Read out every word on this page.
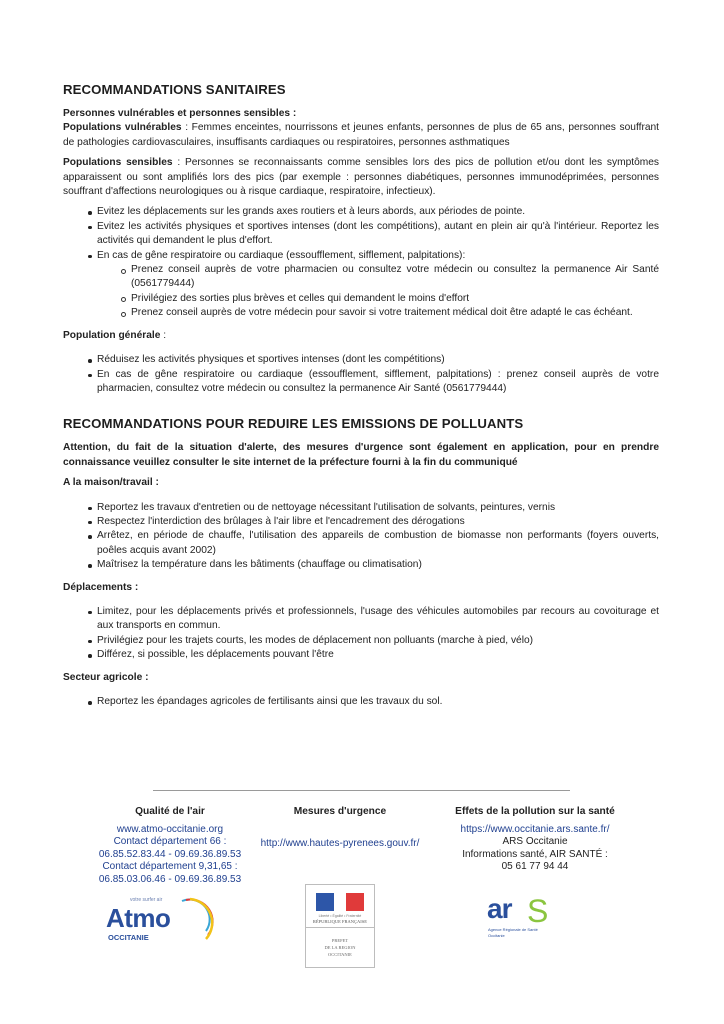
RECOMMANDATIONS SANITAIRES
Personnes vulnérables et personnes sensibles :
Populations vulnérables : Femmes enceintes, nourrissons et jeunes enfants, personnes de plus de 65 ans, personnes souffrant de pathologies cardiovasculaires, insuffisants cardiaques ou respiratoires, personnes asthmatiques
Populations sensibles : Personnes se reconnaissants comme sensibles lors des pics de pollution et/ou dont les symptômes apparaissent ou sont amplifiés lors des pics (par exemple : personnes diabétiques, personnes immunodéprimées, personnes souffrant d'affections neurologiques ou à risque cardiaque, respiratoire, infectieux).
Evitez les déplacements sur les grands axes routiers et à leurs abords, aux périodes de pointe.
Evitez les activités physiques et sportives intenses (dont les compétitions), autant en plein air qu'à l'intérieur. Reportez les activités qui demandent le plus d'effort.
En cas de gêne respiratoire ou cardiaque (essoufflement, sifflement, palpitations):
Prenez conseil auprès de votre pharmacien ou consultez votre médecin ou consultez la permanence Air Santé (0561779444)
Privilégiez des sorties plus brèves et celles qui demandent le moins d'effort
Prenez conseil auprès de votre médecin pour savoir si votre traitement médical doit être adapté le cas échéant.
Population générale :
Réduisez les activités physiques et sportives intenses (dont les compétitions)
En cas de gêne respiratoire ou cardiaque (essoufflement, sifflement, palpitations) : prenez conseil auprès de votre pharmacien, consultez votre médecin ou consultez la permanence Air Santé (0561779444)
RECOMMANDATIONS POUR REDUIRE LES EMISSIONS DE POLLUANTS
Attention, du fait de la situation d'alerte, des mesures d'urgence sont également en application, pour en prendre connaissance veuillez consulter le site internet de la préfecture fourni à la fin du communiqué
A la maison/travail :
Reportez les travaux d'entretien ou de nettoyage nécessitant l'utilisation de solvants, peintures, vernis
Respectez l'interdiction des brûlages à l'air libre et l'encadrement des dérogations
Arrêtez, en période de chauffe, l'utilisation des appareils de combustion de biomasse non performants (foyers ouverts, poêles acquis avant 2002)
Maîtrisez la température dans les bâtiments (chauffage ou climatisation)
Déplacements :
Limitez, pour les déplacements privés et professionnels, l'usage des véhicules automobiles par recours au covoiturage et aux transports en commun.
Privilégiez pour les trajets courts, les modes de déplacement non polluants (marche à pied, vélo)
Différez, si possible, les déplacements pouvant l'être
Secteur agricole :
Reportez les épandages agricoles de fertilisants ainsi que les travaux du sol.
Qualité de l'air
www.atmo-occitanie.org
Contact département 66 :
06.85.52.83.44 - 09.69.36.89.53
Contact département 9,31,65 :
06.85.03.06.46 - 09.69.36.89.53
Mesures d'urgence
http://www.hautes-pyrenees.gouv.fr/
Effets de la pollution sur la santé
https://www.occitanie.ars.sante.fr/
ARS Occitanie
Informations santé, AIR SANTÉ :
05 61 77 94 44
votre surfer air
Atmo
OCCITANIE
Liberté • Égalité • Fraternité
RÉPUBLIQUE FRANÇAISE
PREFET
DE LA REGION
OCCITANIE
ar S
Agence Régionale de Santé
Occitanie
